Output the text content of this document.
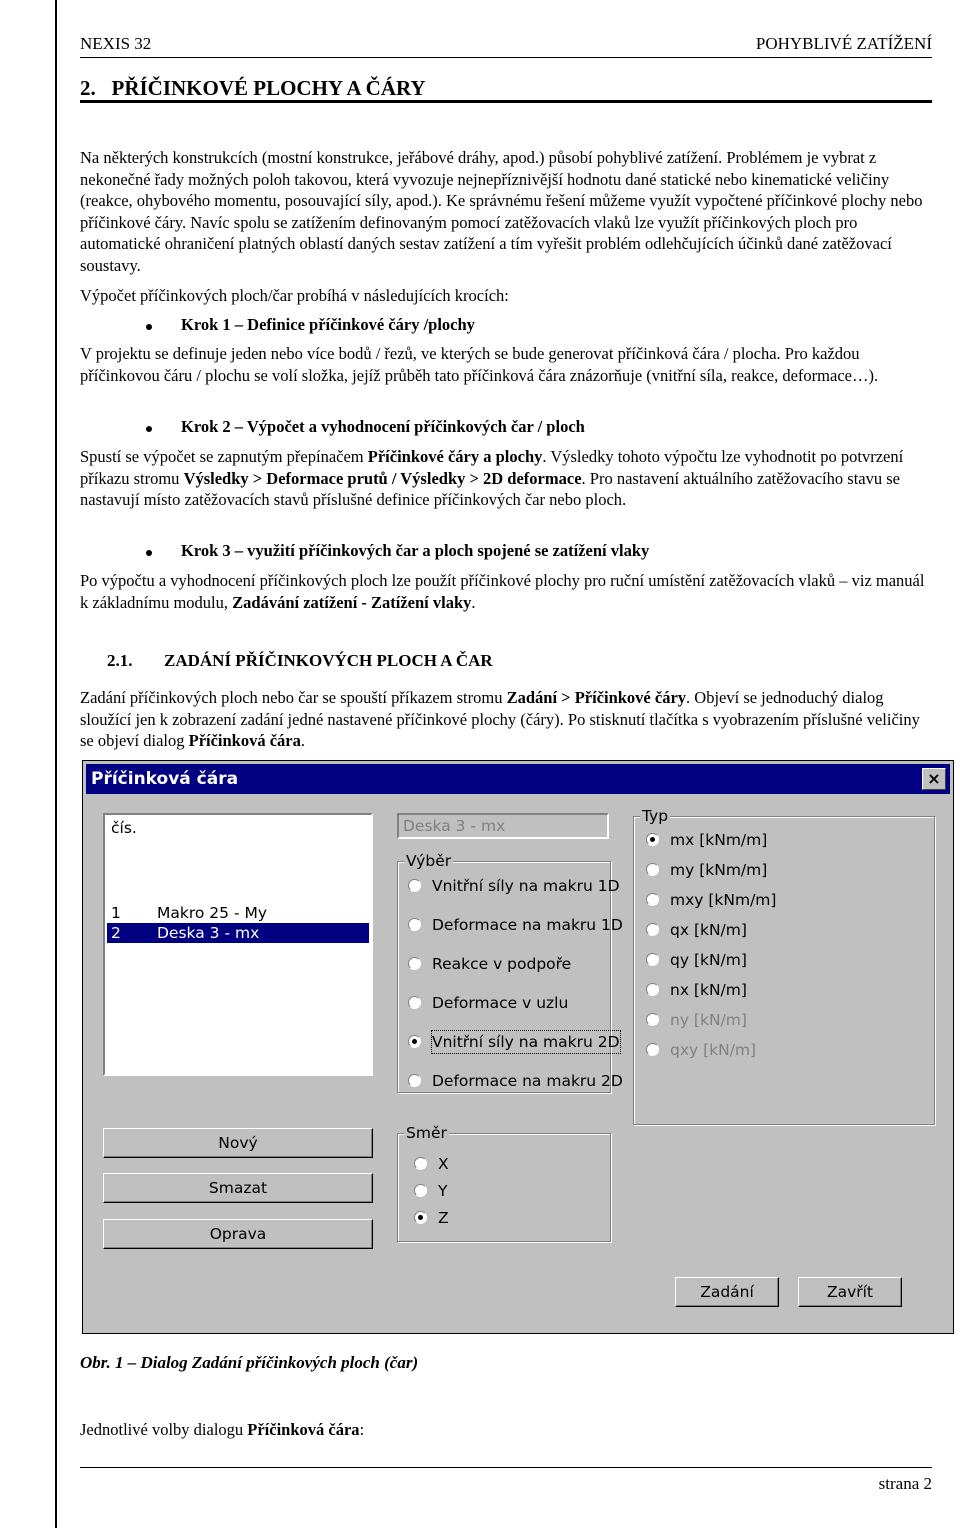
NEXIS 32	POHYBLIVÉ ZATÍŽENÍ
2.   PŘÍČINKOVÉ PLOCHY A ČÁRY
Na některých konstrukcích (mostní konstrukce, jeřábové dráhy, apod.) působí pohyblivé zatížení. Problémem je vybrat z nekonečné řady možných poloh takovou, která vyvozuje nejnepříznivější hodnotu dané statické nebo kinematické veličiny (reakce, ohybového momentu, posouvající síly, apod.). Ke správnému řešení můžeme využít vypočtené příčinkové plochy nebo příčinkové čáry. Navíc spolu se zatížením definovaným pomocí zatěžovacích vlaků lze využít příčinkových ploch pro automatické ohraničení platných oblastí daných sestav zatížení a tím vyřešit problém odlehčujících účinků dané zatěžovací soustavy.
Výpočet příčinkových ploch/čar probíhá v následujících krocích:
Krok 1 – Definice příčinkové čáry /plochy
V projektu se definuje jeden nebo více bodů / řezů, ve kterých se bude generovat příčinková čára / plocha. Pro každou příčinkovou čáru / plochu se volí složka, jejíž průběh tato příčinková čára znázorňuje (vnitřní síla, reakce, deformace…).
Krok 2 – Výpočet a vyhodnocení příčinkových čar / ploch
Spustí se výpočet se zapnutým přepínačem Příčinkové čáry a plochy. Výsledky tohoto výpočtu lze vyhodnotit po potvrzení příkazu stromu Výsledky > Deformace prutů / Výsledky > 2D deformace. Pro nastavení aktuálního zatěžovacího stavu se nastavují místo zatěžovacích stavů příslušné definice příčinkových čar nebo ploch.
Krok 3 – využití příčinkových čar a ploch spojené se zatížení vlaky
Po výpočtu a vyhodnocení příčinkových ploch lze použít příčinkové plochy pro ruční umístění zatěžovacích vlaků – viz manuál k základnímu modulu, Zadávání zatížení - Zatížení vlaky.
2.1. ZADÁNÍ PŘÍČINKOVÝCH PLOCH A ČAR
Zadání příčinkových ploch nebo čar se spouští příkazem stromu Zadání > Příčinkové čáry. Objeví se jednoduchý dialog sloužící jen k zobrazení zadání jedné nastavené příčinkové plochy (čáry). Po stisknutí tlačítka s vyobrazením příslušné veličiny se objeví dialog Příčinková čára.
Příčinková čára	×
čís.
1 Makro 25 - My
2 Deska 3 - mx
Deska 3 - mx
Výběr
Vnitřní síly na makru 1D
Deformace na makru 1D
Reakce v podpoře
Deformace v uzlu
Vnitřní síly na makru 2D
Deformace na makru 2D
Typ
mx [kNm/m]
my [kNm/m]
mxy [kNm/m]
qx [kN/m]
qy [kN/m]
nx [kN/m]
ny [kN/m]
qxy [kN/m]
Nový
Smazat
Oprava
Směr
X
Y
Z
Zadání	Zavřít
Obr. 1 – Dialog Zadání příčinkových ploch (čar)
Jednotlivé volby dialogu Příčinková čára:
strana 2
